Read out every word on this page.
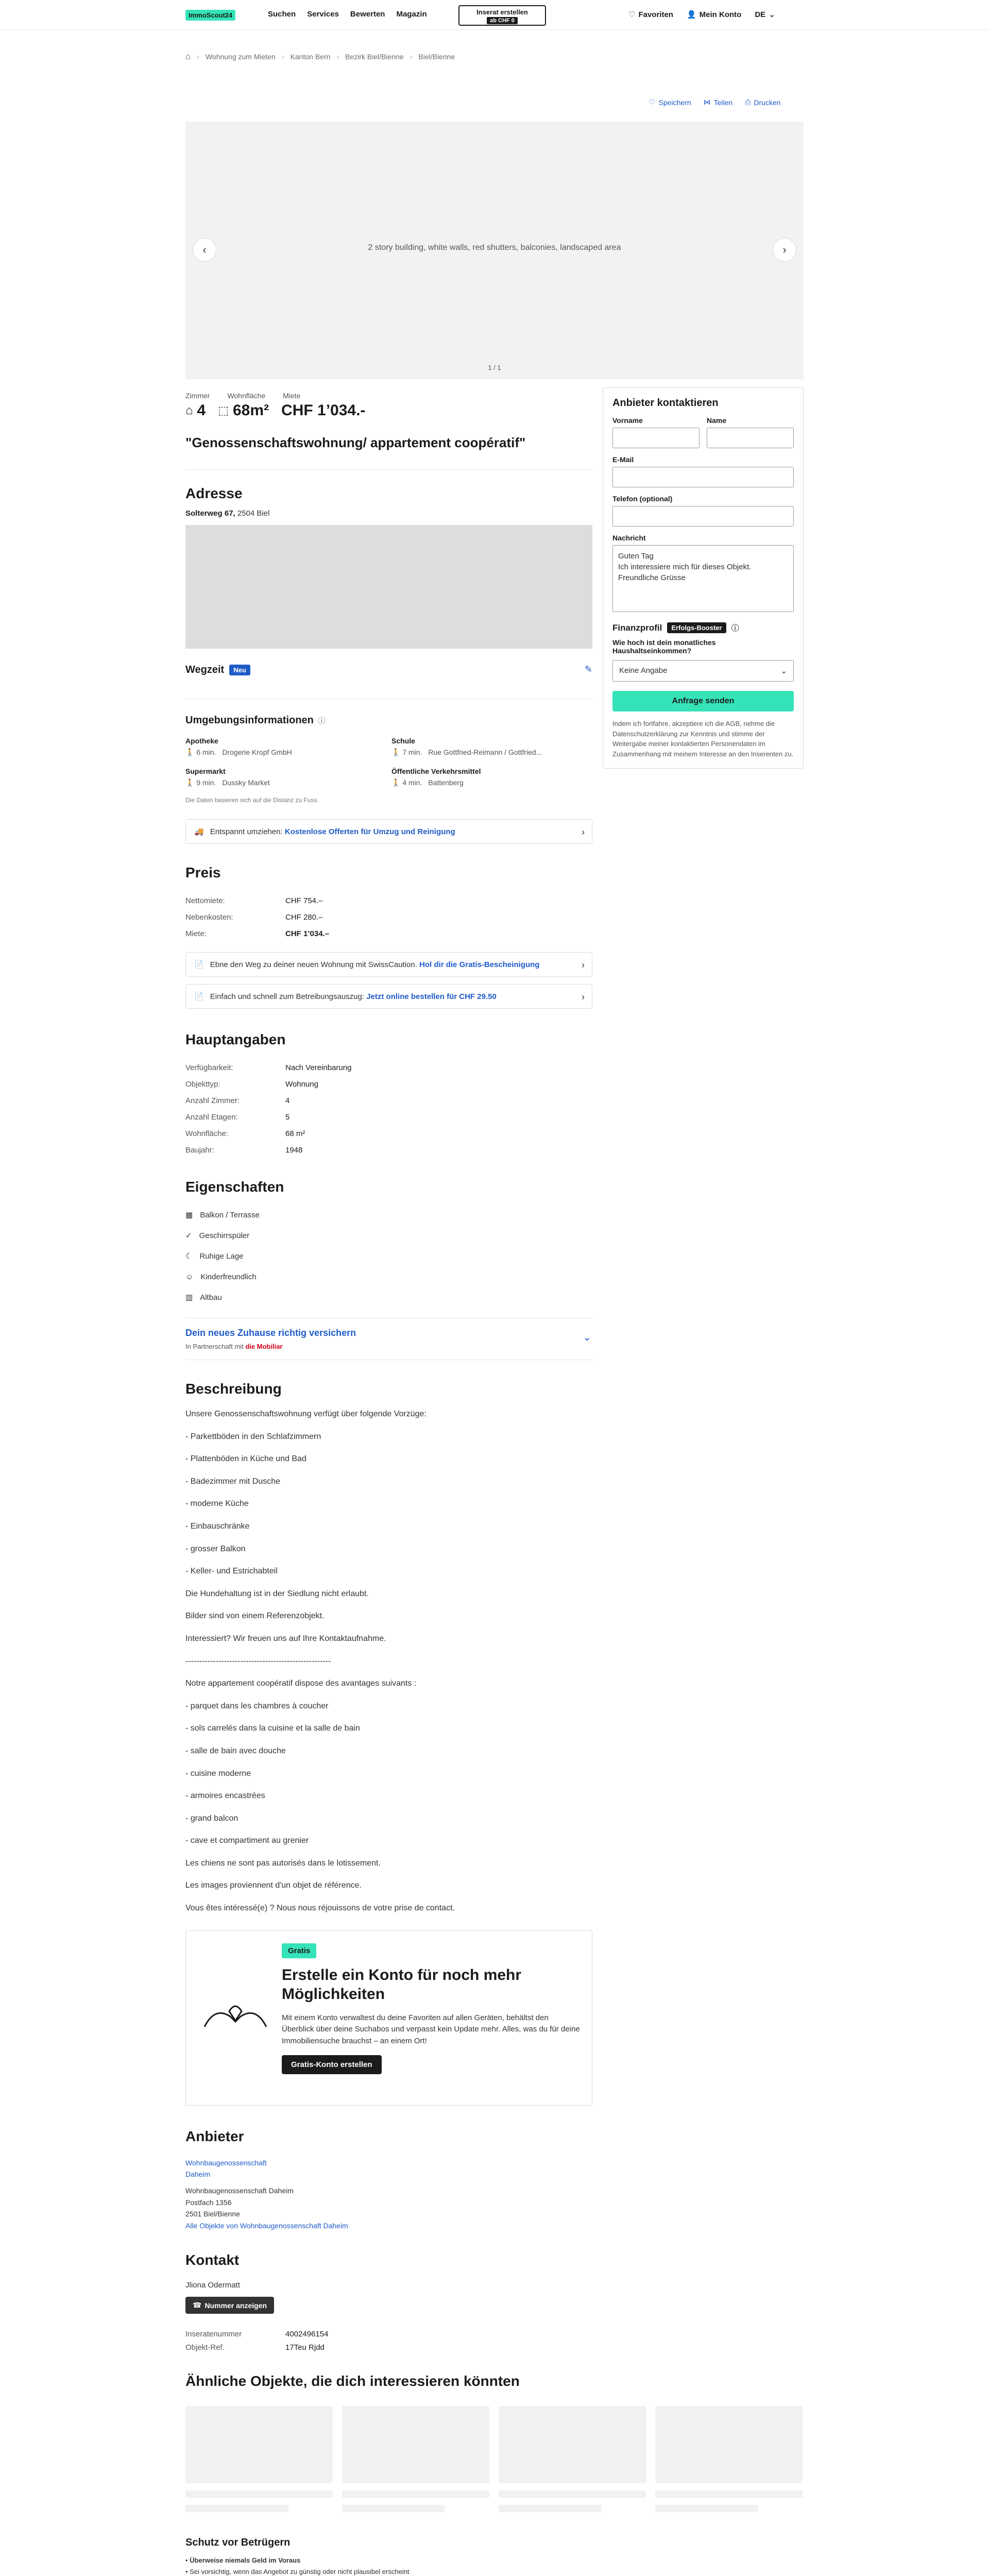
ImmoScout24	Suchen Services Bewerten Magazin	Inserat erstellen
ab CHF 0
♡ Favoriten 👤 Mein Konto DE ⌄
⌂ › Wohnung zum Mieten › Kanton Bern › Bezirk Biel/Bienne › Biel/Bienne
♡ Speichern ⋈ Teilen ⎙ Drucken
2 story building, white walls, red shutters, balconies, landscaped area
‹	›
1 / 1
Anbieter kontaktieren
Vorname	Name
E-Mail
Telefon (optional)
Nachricht
Guten Tag
Ich interessiere mich für dieses Objekt.
Freundliche Grüsse
Finanzprofil	Erfolgs-Booster	ⓘ
Wie hoch ist dein monatliches Haushaltseinkommen?
Keine Angabe	⌄
Anfrage senden
Indem ich fortfahre, akzeptiere ich die AGB, nehme die Datenschutzerklärung zur Kenntnis und stimme der Weitergabe meiner kontaktierten Personendaten im Zusammenhang mit meinem Interesse an den Inserenten zu.
Zimmer Wohnfläche Miete
⌂ 4 ⬚ 68m² CHF 1’034.-
"Genossenschaftswohnung/ appartement coopératif"
Adresse
Solterweg 67, 2504 Biel
Wegzeit	Neu	✎
Umgebungsinformationen ⓘ
Apotheke
🚶 6 min. Drogerie Kropf GmbH
Schule
🚶 7 min. Rue Gottfried-Reimann / Gottfried...
Supermarkt
🚶 9 min. Dussky Market
Öffentliche Verkehrsmittel
🚶 4 min. Battenberg
Die Daten basieren sich auf die Distanz zu Fuss.
🚚 Entspannt umziehen: Kostenlose Offerten für Umzug und Reinigung	›
Preis
Nettomiete:	CHF 754.–
Nebenkosten:	CHF 280.–
Miete:	CHF 1’034.–
📄 Ebne den Weg zu deiner neuen Wohnung mit SwissCaution. Hol dir die Gratis-Bescheinigung	›
📄 Einfach und schnell zum Betreibungsauszug: Jetzt online bestellen für CHF 29.50	›
Hauptangaben
Verfügbarkeit:	Nach Vereinbarung
Objekttyp:	Wohnung
Anzahl Zimmer:	4
Anzahl Etagen:	5
Wohnfläche:	68 m²
Baujahr:	1948
Eigenschaften
▦ Balkon / Terrasse
✓ Geschirrspüler
☾ Ruhige Lage
☺ Kinderfreundlich
▥ Altbau
Dein neues Zuhause richtig versichern
In Partnerschaft mit die Mobiliar
⌄
Beschreibung

Unsere Genossenschaftswohnung verfügt über folgende Vorzüge:

- Parkettböden in den Schlafzimmern

- Plattenböden in Küche und Bad

- Badezimmer mit Dusche

- moderne Küche

- Einbauschränke

- grosser Balkon

- Keller- und Estrichabteil

Die Hundehaltung ist in der Siedlung nicht erlaubt.

Bilder sind von einem Referenzobjekt.

Interessiert? Wir freuen uns auf Ihre Kontaktaufnahme.

-----------------------------------------------------

Notre appartement coopératif dispose des avantages suivants :

- parquet dans les chambres à coucher

- sols carrelés dans la cuisine et la salle de bain

- salle de bain avec douche

- cuisine moderne

- armoires encastrées

- grand balcon

- cave et compartiment au grenier

Les chiens ne sont pas autorisés dans le lotissement.

Les images proviennent d'un objet de référence.

Vous êtes intéressé(e) ? Nous nous réjouissons de votre prise de contact.

Gratis
Erstelle ein Konto für noch mehr Möglichkeiten
Mit einem Konto verwaltest du deine Favoriten auf allen Geräten, behältst den Überblick über deine Suchabos und verpasst kein Update mehr. Alles, was du für deine Immobiliensuche brauchst – an einem Ort!
Gratis-Konto erstellen
Anbieter
Wohnbaugenossenschaft Daheim
Wohnbaugenossenschaft Daheim
Postfach 1356
2501 Biel/Bienne
Alle Objekte von Wohnbaugenossenschaft Daheim
Kontakt
Jliona Odermatt
☎ Nummer anzeigen
Inseratenummer	4002496154
Objekt-Ref.	17Teu Rjdd
Ähnliche Objekte, die dich interessieren könnten
Schutz vor Betrügern
• Überweise niemals Geld im Voraus
• Sei vorsichtig, wenn das Angebot zu günstig oder nicht plausibel erscheint
